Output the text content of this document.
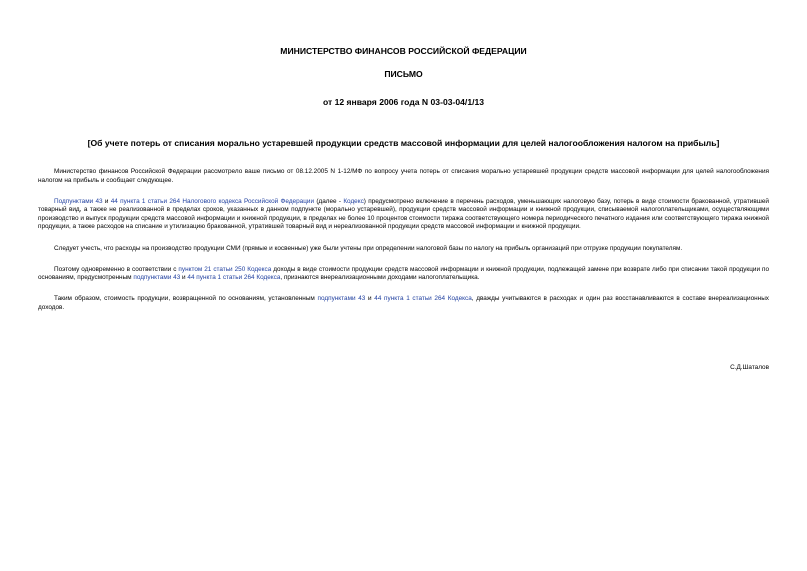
МИНИСТЕРСТВО ФИНАНСОВ РОССИЙСКОЙ ФЕДЕРАЦИИ
ПИСЬМО
от 12 января 2006 года N 03-03-04/1/13
[Об учете потерь от списания морально устаревшей продукции средств массовой информации для целей налогообложения налогом на прибыль]

Министерство финансов Российской Федерации рассмотрело ваше письмо от 08.12.2005 N 1-12/МФ по вопросу учета потерь от списания морально устаревшей продукции средств массовой информации для целей налогообложения налогом на прибыль и сообщает следующее.

Подпунктами 43 и 44 пункта 1 статьи 264 Налогового кодекса Российской Федерации (далее - Кодекс) предусмотрено включение в перечень расходов, уменьшающих налоговую базу, потерь в виде стоимости бракованной, утратившей товарный вид, а также не реализованной в пределах сроков, указанных в данном подпункте (морально устаревшей), продукции средств массовой информации и книжной продукции, списываемой налогоплательщиками, осуществляющими производство и выпуск продукции средств массовой информации и книжной продукции, в пределах не более 10 процентов стоимости тиража соответствующего номера периодического печатного издания или соответствующего тиража книжной продукции, а также расходов на списание и утилизацию бракованной, утратившей товарный вид и нереализованной продукции средств массовой информации и книжной продукции.

Следует учесть, что расходы на производство продукции СМИ (прямые и косвенные) уже были учтены при определении налоговой базы по налогу на прибыль организаций при отгрузке продукции покупателям.

Поэтому одновременно в соответствии с пунктом 21 статьи 250 Кодекса доходы в виде стоимости продукции средств массовой информации и книжной продукции, подлежащей замене при возврате либо при списании такой продукции по основаниям, предусмотренным подпунктами 43 и 44 пункта 1 статьи 264 Кодекса, признаются внереализационными доходами налогоплательщика.

Таким образом, стоимость продукции, возвращенной по основаниям, установленным подпунктами 43 и 44 пункта 1 статьи 264 Кодекса, дважды учитываются в расходах и один раз восстанавливаются в составе внереализационных доходов.

С.Д.Шаталов
